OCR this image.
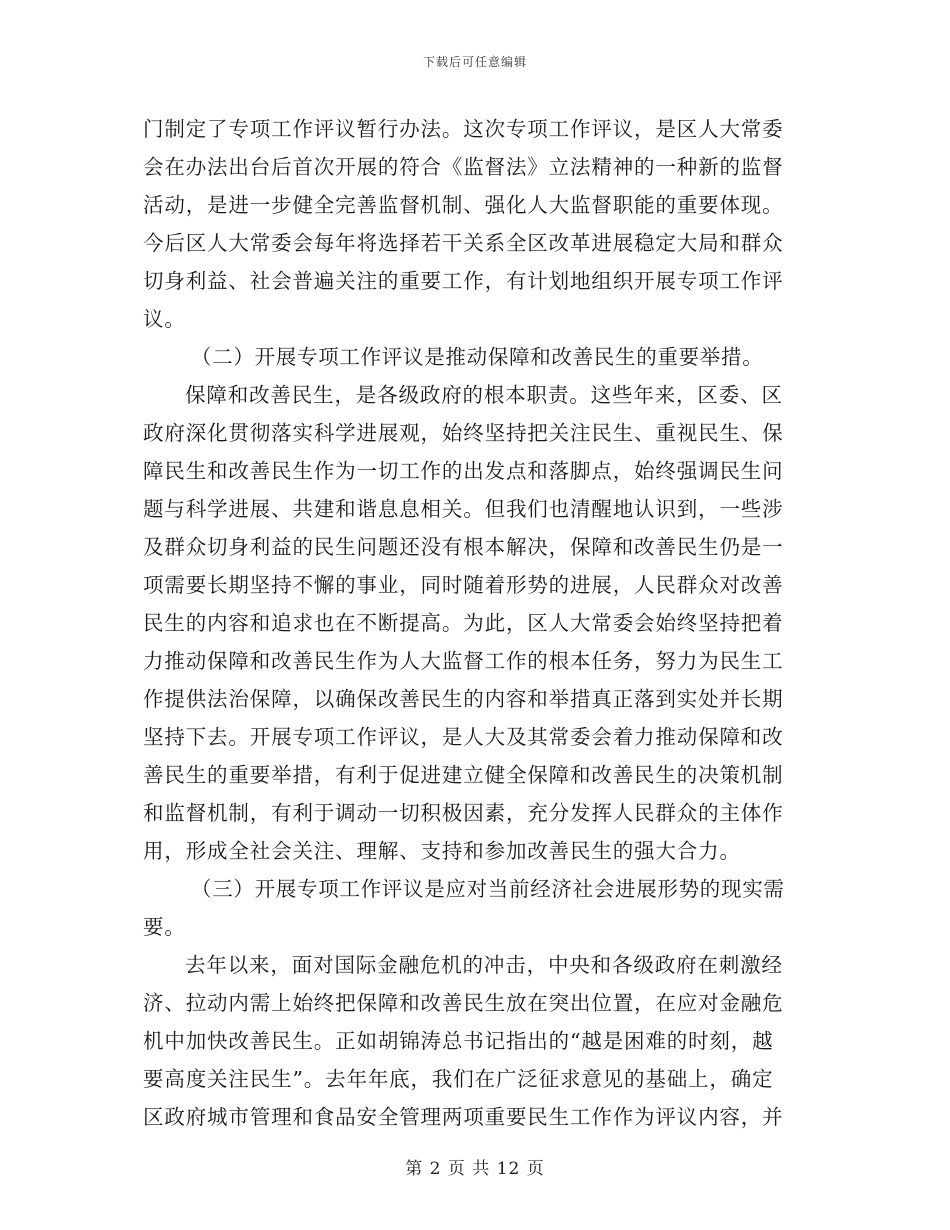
下载后可任意编辑
门制定了专项工作评议暂行办法。这次专项工作评议，是区人大常委
会在办法出台后首次开展的符合《监督法》立法精神的一种新的监督
活动，是进一步健全完善监督机制、强化人大监督职能的重要体现。
今后区人大常委会每年将选择若干关系全区改革进展稳定大局和群众
切身利益、社会普遍关注的重要工作，有计划地组织开展专项工作评
议。
（二）开展专项工作评议是推动保障和改善民生的重要举措。
保障和改善民生，是各级政府的根本职责。这些年来，区委、区
政府深化贯彻落实科学进展观，始终坚持把关注民生、重视民生、保
障民生和改善民生作为一切工作的出发点和落脚点，始终强调民生问
题与科学进展、共建和谐息息相关。但我们也清醒地认识到，一些涉
及群众切身利益的民生问题还没有根本解决，保障和改善民生仍是一
项需要长期坚持不懈的事业，同时随着形势的进展，人民群众对改善
民生的内容和追求也在不断提高。为此，区人大常委会始终坚持把着
力推动保障和改善民生作为人大监督工作的根本任务，努力为民生工
作提供法治保障，以确保改善民生的内容和举措真正落到实处并长期
坚持下去。开展专项工作评议，是人大及其常委会着力推动保障和改
善民生的重要举措，有利于促进建立健全保障和改善民生的决策机制
和监督机制，有利于调动一切积极因素，充分发挥人民群众的主体作
用，形成全社会关注、理解、支持和参加改善民生的强大合力。
（三）开展专项工作评议是应对当前经济社会进展形势的现实需
要。
去年以来，面对国际金融危机的冲击，中央和各级政府在刺激经
济、拉动内需上始终把保障和改善民生放在突出位置，在应对金融危
机中加快改善民生。正如胡锦涛总书记指出的“越是困难的时刻，越
要高度关注民生”。去年年底，我们在广泛征求意见的基础上，确定
区政府城市管理和食品安全管理两项重要民生工作作为评议内容，并
第 2 页 共 12 页
